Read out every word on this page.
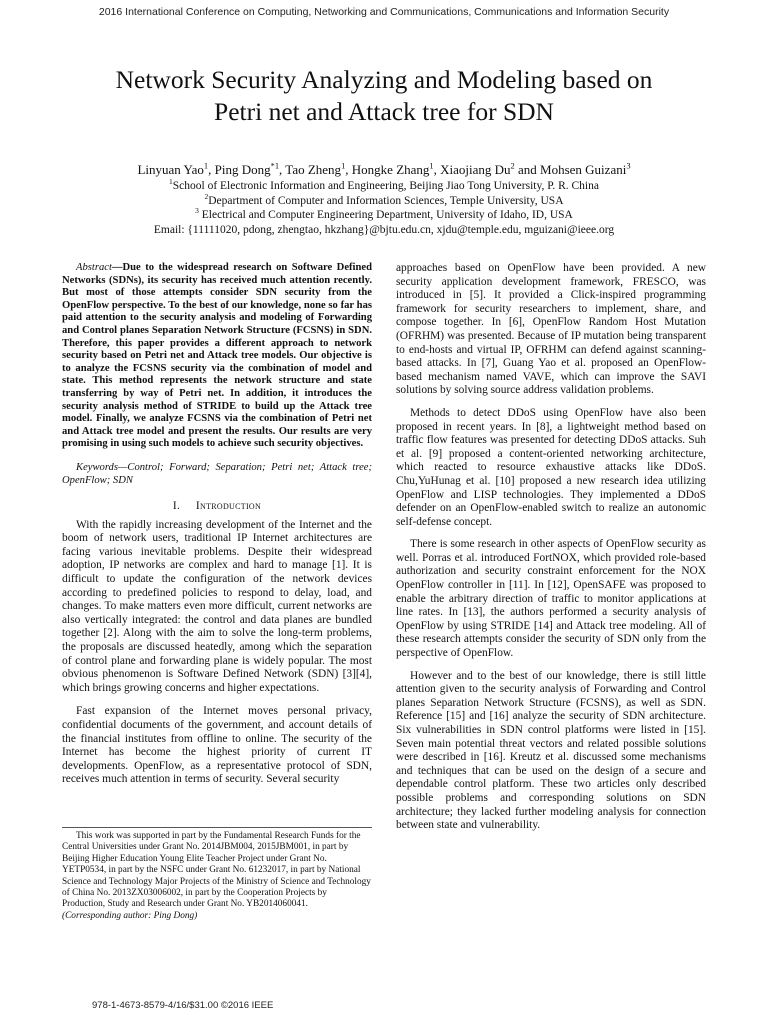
2016 International Conference on Computing, Networking and Communications, Communications and Information Security
Network Security Analyzing and Modeling based on
Petri net and Attack tree for SDN
Linyuan Yao$^1$, Ping Dong$^{*1}$, Tao Zheng$^1$, Hongke Zhang$^1$, Xiaojiang Du$^2$ and Mohsen Guizani$^3$
$^1$School of Electronic Information and Engineering, Beijing Jiao Tong University, P. R. China
$^2$Department of Computer and Information Sciences, Temple University, USA
$^3$ Electrical and Computer Engineering Department, University of Idaho, ID, USA
Email: {11111020, pdong, zhengtao, hkzhang}@bjtu.edu.cn, xjdu@temple.edu, mguizani@ieee.org

Abstract—Due to the widespread research on Software Defined Networks (SDNs), its security has received much attention recently. But most of those attempts consider SDN security from the OpenFlow perspective. To the best of our knowledge, none so far has paid attention to the security analysis and modeling of Forwarding and Control planes Separation Network Structure (FCSNS) in SDN. Therefore, this paper provides a different approach to network security based on Petri net and Attack tree models. Our objective is to analyze the FCSNS security via the combination of model and state. This method represents the network structure and state transferring by way of Petri net. In addition, it introduces the security analysis method of STRIDE to build up the Attack tree model. Finally, we analyze FCSNS via the combination of Petri net and Attack tree model and present the results. Our results are very promising in using such models to achieve such security objectives.

Keywords—Control; Forward; Separation; Petri net; Attack tree; OpenFlow; SDN

I. Introduction

With the rapidly increasing development of the Internet and the boom of network users, traditional IP Internet architectures are facing various inevitable problems. Despite their widespread adoption, IP networks are complex and hard to manage [1]. It is difficult to update the configuration of the network devices according to predefined policies to respond to delay, load, and changes. To make matters even more difficult, current networks are also vertically integrated: the control and data planes are bundled together [2]. Along with the aim to solve the long-term problems, the proposals are discussed heatedly, among which the separation of control plane and forwarding plane is widely popular. The most obvious phenomenon is Software Defined Network (SDN) [3][4], which brings growing concerns and higher expectations.

Fast expansion of the Internet moves personal privacy, confidential documents of the government, and account details of the financial institutes from offline to online. The security of the Internet has become the highest priority of current IT developments. OpenFlow, as a representative protocol of SDN, receives much attention in terms of security. Several security

approaches based on OpenFlow have been provided. A new security application development framework, FRESCO, was introduced in [5]. It provided a Click-inspired programming framework for security researchers to implement, share, and compose together. In [6], OpenFlow Random Host Mutation (OFRHM) was presented. Because of IP mutation being transparent to end-hosts and virtual IP, OFRHM can defend against scanning-based attacks. In [7], Guang Yao et al. proposed an OpenFlow-based mechanism named VAVE, which can improve the SAVI solutions by solving source address validation problems.

Methods to detect DDoS using OpenFlow have also been proposed in recent years. In [8], a lightweight method based on traffic flow features was presented for detecting DDoS attacks. Suh et al. [9] proposed a content-oriented networking architecture, which reacted to resource exhaustive attacks like DDoS. Chu,YuHunag et al. [10] proposed a new research idea utilizing OpenFlow and LISP technologies. They implemented a DDoS defender on an OpenFlow-enabled switch to realize an autonomic self-defense concept.

There is some research in other aspects of OpenFlow security as well. Porras et al. introduced FortNOX, which provided role-based authorization and security constraint enforcement for the NOX OpenFlow controller in [11]. In [12], OpenSAFE was proposed to enable the arbitrary direction of traffic to monitor applications at line rates. In [13], the authors performed a security analysis of OpenFlow by using STRIDE [14] and Attack tree modeling. All of these research attempts consider the security of SDN only from the perspective of OpenFlow.

However and to the best of our knowledge, there is still little attention given to the security analysis of Forwarding and Control planes Separation Network Structure (FCSNS), as well as SDN. Reference [15] and [16] analyze the security of SDN architecture. Six vulnerabilities in SDN control platforms were listed in [15]. Seven main potential threat vectors and related possible solutions were described in [16]. Kreutz et al. discussed some mechanisms and techniques that can be used on the design of a secure and dependable control platform. These two articles only described possible problems and corresponding solutions on SDN architecture; they lacked further modeling analysis for connection between state and vulnerability.

This work was supported in part by the Fundamental Research Funds for the Central Universities under Grant No. 2014JBM004, 2015JBM001, in part by Beijing Higher Education Young Elite Teacher Project under Grant No. YETP0534, in part by the NSFC under Grant No. 61232017, in part by National Science and Technology Major Projects of the Ministry of Science and Technology of China No. 2013ZX03006002, in part by the Cooperation Projects by Production, Study and Research under Grant No. YB2014060041.
(Corresponding author: Ping Dong)
978-1-4673-8579-4/16/$31.00 ©2016 IEEE
